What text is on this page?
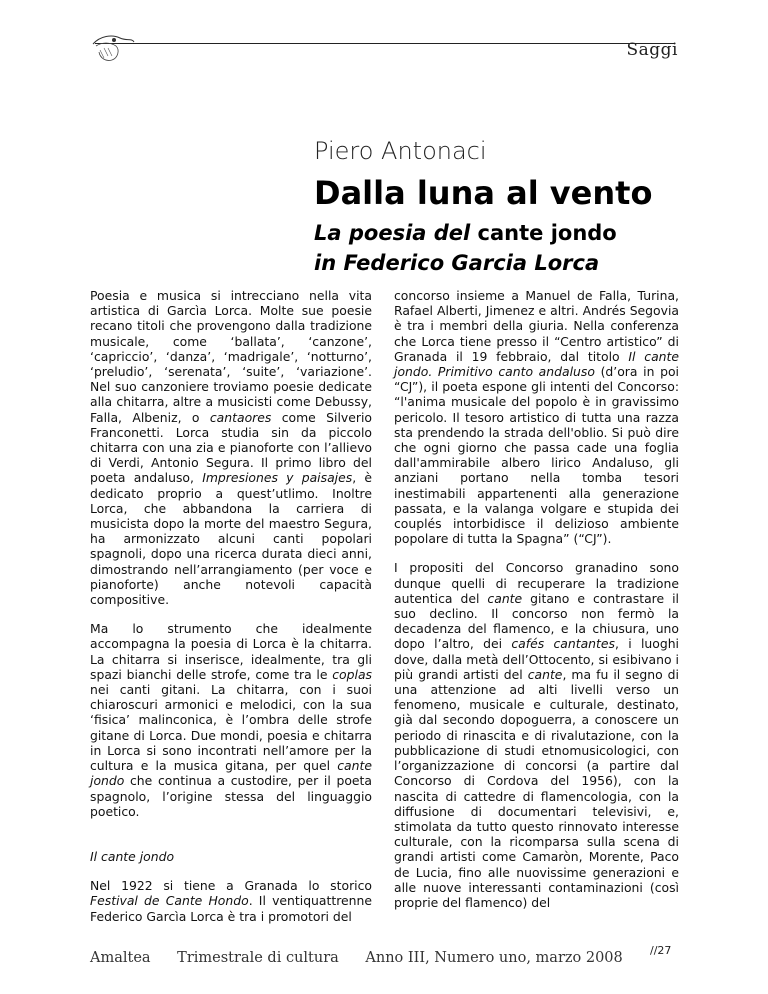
Saggi
Piero Antonaci
Dalla luna al vento
La poesia del cante jondo
in Federico Garcia Lorca

Poesia e musica si intrecciano nella vita artistica di Garcìa Lorca. Molte sue poesie recano titoli che provengono dalla tradizione musicale, come ‘ballata’, ‘canzone’, ‘capriccio’, ‘danza’, ‘madrigale’, ‘notturno’, ‘preludio’, ‘serenata’, ‘suite’, ‘variazione’. Nel suo canzoniere troviamo poesie dedicate alla chitarra, altre a musicisti come Debussy, Falla, Albeniz, o cantaores come Silverio Franconetti. Lorca studia sin da piccolo chitarra con una zia e pianoforte con l’allievo di Verdi, Antonio Segura. Il primo libro del poeta andaluso, Impresiones y paisajes, è dedicato proprio a quest’utlimo. Inoltre Lorca, che abbandona la carriera di musicista dopo la morte del maestro Segura, ha armonizzato alcuni canti popolari spagnoli, dopo una ricerca durata dieci anni, dimostrando nell’arrangiamento (per voce e pianoforte) anche notevoli capacità compositive.

Ma lo strumento che idealmente accompagna la poesia di Lorca è la chitarra. La chitarra si inserisce, idealmente, tra gli spazi bianchi delle strofe, come tra le coplas nei canti gitani. La chitarra, con i suoi chiaroscuri armonici e melodici, con la sua ‘fisica’ malinconica, è l’ombra delle strofe gitane di Lorca. Due mondi, poesia e chitarra in Lorca si sono incontrati nell’amore per la cultura e la musica gitana, per quel cante jondo che continua a custodire, per il poeta spagnolo, l’origine stessa del linguaggio poetico.

Il cante jondo

Nel 1922 si tiene a Granada lo storico Festival de Cante Hondo. Il ventiquattrenne Federico Garcìa Lorca è tra i promotori del

concorso insieme a Manuel de Falla, Turina, Rafael Alberti, Jimenez e altri. Andrés Segovia è tra i membri della giuria. Nella conferenza che Lorca tiene presso il “Centro artistico” di Granada il 19 febbraio, dal titolo Il cante jondo. Primitivo canto andaluso (d’ora in poi “CJ”), il poeta espone gli intenti del Concorso: “l'anima musicale del popolo è in gravissimo pericolo. Il tesoro artistico di tutta una razza sta prendendo la strada dell'oblio. Si può dire che ogni giorno che passa cade una foglia dall'ammirabile albero lirico Andaluso, gli anziani portano nella tomba tesori inestimabili appartenenti alla generazione passata, e la valanga volgare e stupida dei couplés intorbidisce il delizioso ambiente popolare di tutta la Spagna” (“CJ”).

I propositi del Concorso granadino sono dunque quelli di recuperare la tradizione autentica del cante gitano e contrastare il suo declino. Il concorso non fermò la decadenza del flamenco, e la chiusura, uno dopo l’altro, dei cafés cantantes, i luoghi dove, dalla metà dell’Ottocento, si esibivano i più grandi artisti del cante, ma fu il segno di una attenzione ad alti livelli verso un fenomeno, musicale e culturale, destinato, già dal secondo dopoguerra, a conoscere un periodo di rinascita e di rivalutazione, con la pubblicazione di studi etnomusicologici, con l’organizzazione di concorsi (a partire dal Concorso di Cordova del 1956), con la nascita di cattedre di flamencologia, con la diffusione di documentari televisivi, e, stimolata da tutto questo rinnovato interesse culturale, con la ricomparsa sulla scena di grandi artisti come Camaròn, Morente, Paco de Lucia, fino alle nuovissime generazioni e alle nuove interessanti contaminazioni (così proprie del flamenco) del

Amaltea Trimestrale di cultura Anno III, Numero uno, marzo 2008	//27
